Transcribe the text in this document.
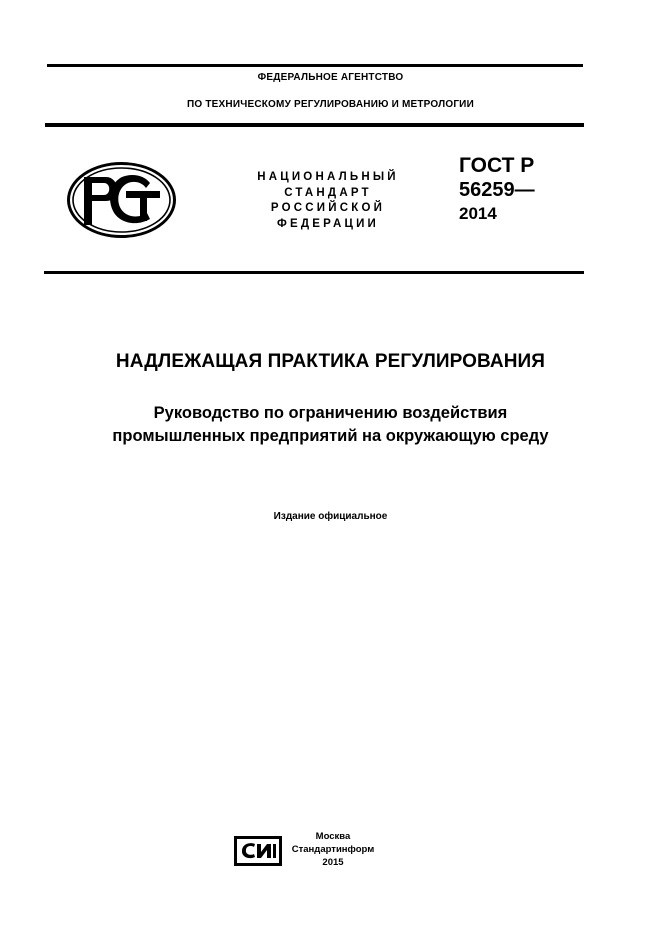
ФЕДЕРАЛЬНОЕ АГЕНТСТВО
ПО ТЕХНИЧЕСКОМУ РЕГУЛИРОВАНИЮ И МЕТРОЛОГИИ
НАЦИОНАЛЬНЫЙ
СТАНДАРТ
РОССИЙСКОЙ
ФЕДЕРАЦИИ
ГОСТ Р
56259—
2014
НАДЛЕЖАЩАЯ ПРАКТИКА РЕГУЛИРОВАНИЯ
Руководство по ограничению воздействия
промышленных предприятий на окружающую среду
Издание официальное
Москва
Стандартинформ
2015
